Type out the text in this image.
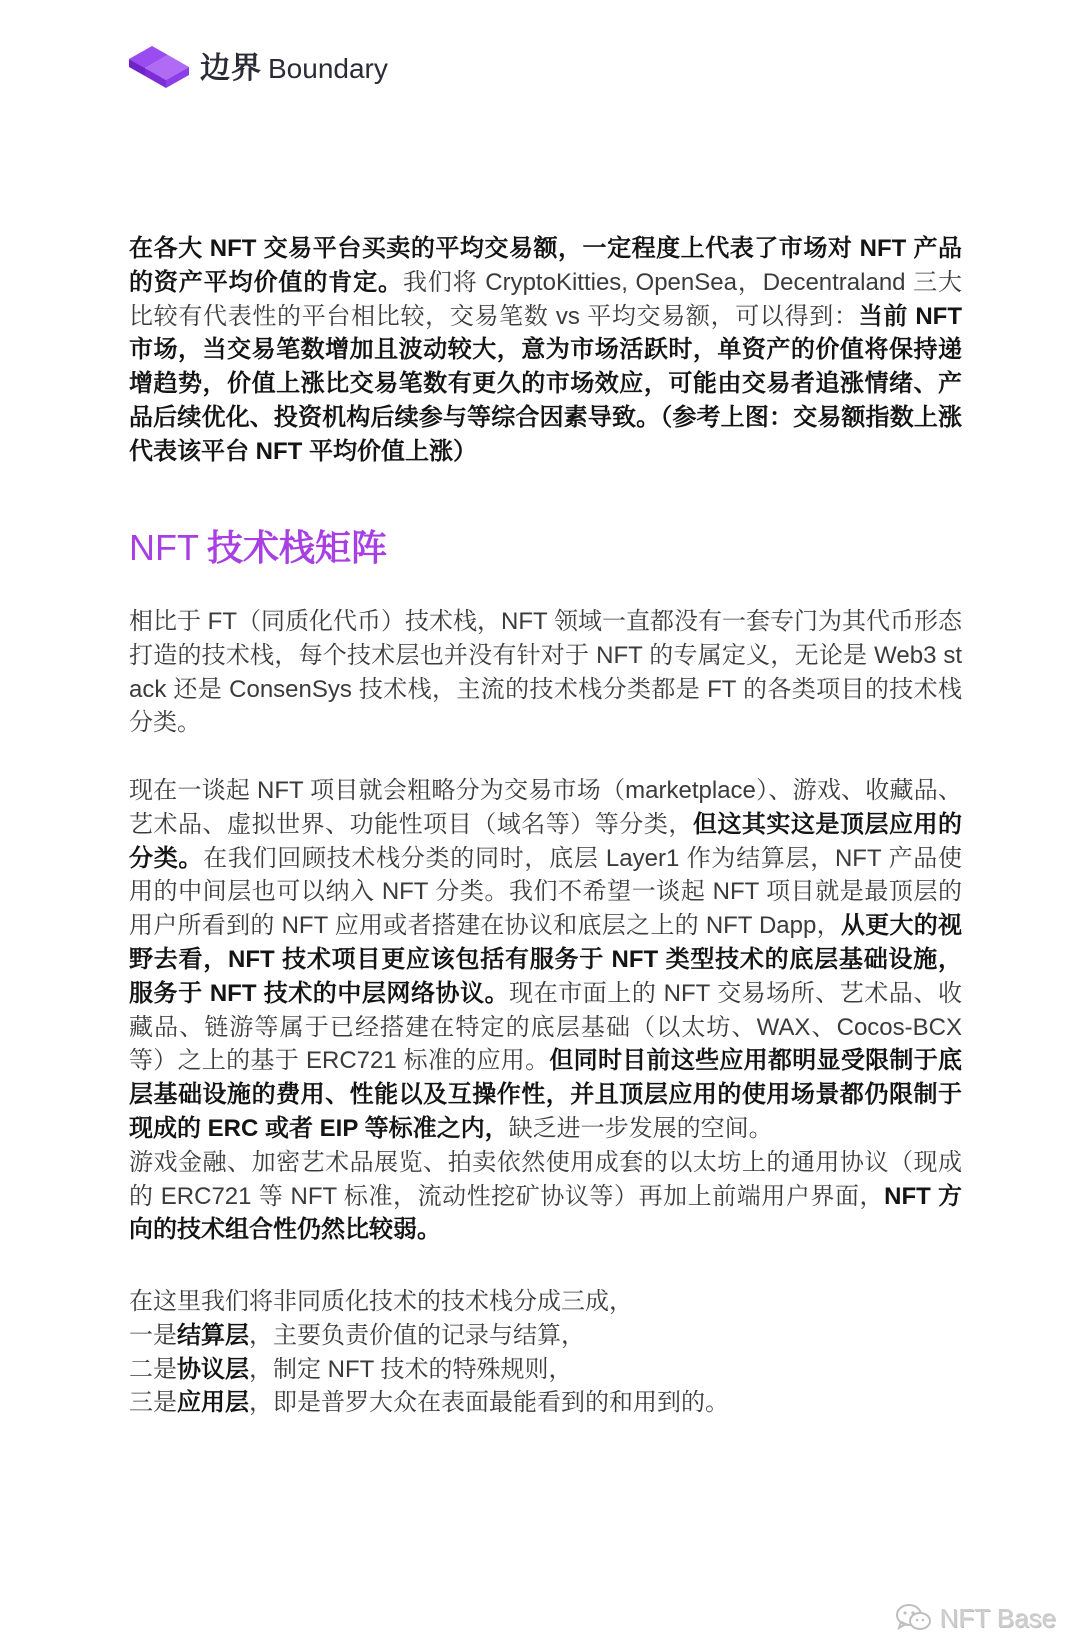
边界 Boundary

在各大 NFT 交易平台买卖的平均交易额，一定程度上代表了市场对 NFT 产品的资产平均价值的肯定。我们将 CryptoKitties, OpenSea，Decentraland 三大比较有代表性的平台相比较，交易笔数 vs 平均交易额，可以得到：当前 NFT 市场，当交易笔数增加且波动较大，意为市场活跃时，单资产的价值将保持递增趋势，价值上涨比交易笔数有更久的市场效应，可能由交易者追涨情绪、产品后续优化、投资机构后续参与等综合因素导致。（参考上图：交易额指数上涨代表该平台 NFT 平均价值上涨）

NFT 技术栈矩阵

相比于 FT（同质化代币）技术栈，NFT 领域一直都没有一套专门为其代币形态打造的技术栈，每个技术层也并没有针对于 NFT 的专属定义，无论是 Web3 stack 还是 ConsenSys 技术栈，主流的技术栈分类都是 FT 的各类项目的技术栈分类。

现在一谈起 NFT 项目就会粗略分为交易市场（marketplace）、游戏、收藏品、艺术品、虚拟世界、功能性项目（域名等）等分类，但这其实这是顶层应用的分类。在我们回顾技术栈分类的同时，底层 Layer1 作为结算层，NFT 产品使用的中间层也可以纳入 NFT 分类。我们不希望一谈起 NFT 项目就是最顶层的用户所看到的 NFT 应用或者搭建在协议和底层之上的 NFT Dapp，从更大的视野去看，NFT 技术项目更应该包括有服务于 NFT 类型技术的底层基础设施，服务于 NFT 技术的中层网络协议。现在市面上的 NFT 交易场所、艺术品、收藏品、链游等属于已经搭建在特定的底层基础（以太坊、WAX、Cocos-BCX 等）之上的基于 ERC721 标准的应用。但同时目前这些应用都明显受限制于底层基础设施的费用、性能以及互操作性，并且顶层应用的使用场景都仍限制于现成的 ERC 或者 EIP 等标准之内，缺乏进一步发展的空间。
游戏金融、加密艺术品展览、拍卖依然使用成套的以太坊上的通用协议（现成的 ERC721 等 NFT 标准，流动性挖矿协议等）再加上前端用户界面，NFT 方向的技术组合性仍然比较弱。

在这里我们将非同质化技术的技术栈分成三成，
一是结算层，主要负责价值的记录与结算，
二是协议层，制定 NFT 技术的特殊规则，
三是应用层，即是普罗大众在表面最能看到的和用到的。
NFT Base
